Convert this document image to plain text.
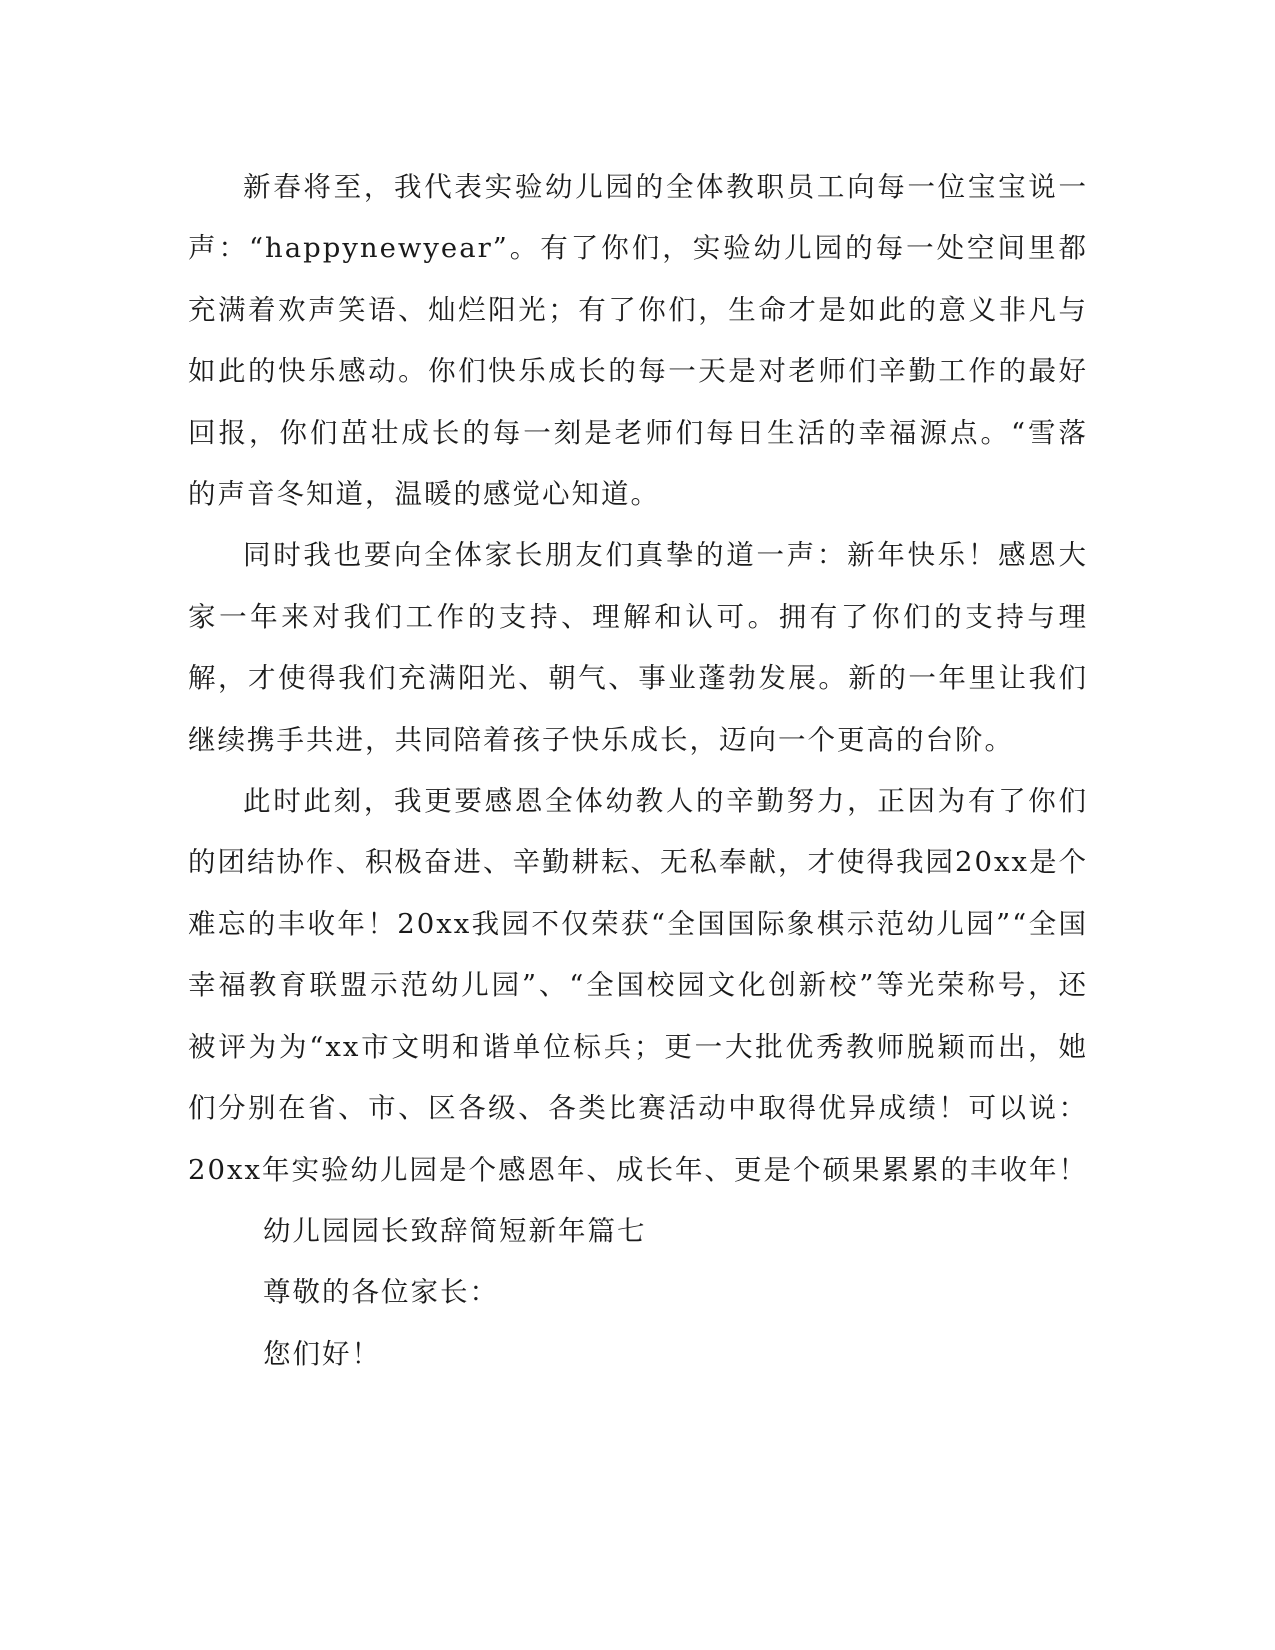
新春将至，我代表实验幼儿园的全体教职员工向每一位宝宝说一声：“happynewyear”。有了你们，实验幼儿园的每一处空间里都充满着欢声笑语、灿烂阳光；有了你们，生命才是如此的意义非凡与如此的快乐感动。你们快乐成长的每一天是对老师们辛勤工作的最好回报，你们茁壮成长的每一刻是老师们每日生活的幸福源点。“雪落的声音冬知道，温暖的感觉心知道。

同时我也要向全体家长朋友们真挚的道一声：新年快乐！感恩大家一年来对我们工作的支持、理解和认可。拥有了你们的支持与理解，才使得我们充满阳光、朝气、事业蓬勃发展。新的一年里让我们继续携手共进，共同陪着孩子快乐成长，迈向一个更高的台阶。

此时此刻，我更要感恩全体幼教人的辛勤努力，正因为有了你们的团结协作、积极奋进、辛勤耕耘、无私奉献，才使得我园20xx是个难忘的丰收年！20xx我园不仅荣获“全国国际象棋示范幼儿园”“全国幸福教育联盟示范幼儿园”、“全国校园文化创新校”等光荣称号，还被评为为“xx市文明和谐单位标兵；更一大批优秀教师脱颖而出，她们分别在省、市、区各级、各类比赛活动中取得优异成绩！可以说：20xx年实验幼儿园是个感恩年、成长年、更是个硕果累累的丰收年！

幼儿园园长致辞简短新年篇七

尊敬的各位家长：

您们好！
